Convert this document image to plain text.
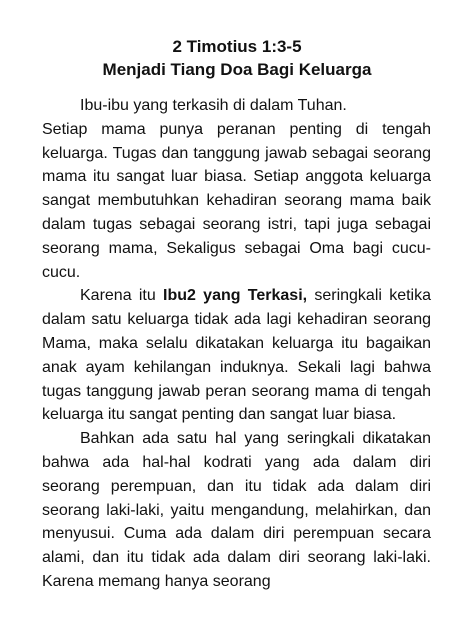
2 Timotius 1:3-5
Menjadi Tiang Doa Bagi Keluarga

Ibu-ibu yang terkasih di dalam Tuhan.

Setiap mama punya peranan penting di tengah keluarga. Tugas dan tanggung jawab sebagai seorang mama itu sangat luar biasa. Setiap anggota keluarga sangat membutuhkan kehadiran seorang mama baik dalam tugas sebagai seorang istri, tapi juga sebagai seorang mama, Sekaligus sebagai Oma bagi cucu-cucu.

Karena itu Ibu2 yang Terkasi, seringkali ketika dalam satu keluarga tidak ada lagi kehadiran seorang Mama, maka selalu dikatakan keluarga itu bagaikan anak ayam kehilangan induknya. Sekali lagi bahwa tugas tanggung jawab peran seorang mama di tengah keluarga itu sangat penting dan sangat luar biasa.

Bahkan ada satu hal yang seringkali dikatakan bahwa ada hal-hal kodrati yang ada dalam diri seorang perempuan, dan itu tidak ada dalam diri seorang laki-laki, yaitu mengandung, melahirkan, dan menyusui. Cuma ada dalam diri perempuan secara alami, dan itu tidak ada dalam diri seorang laki-laki. Karena memang hanya seorang
